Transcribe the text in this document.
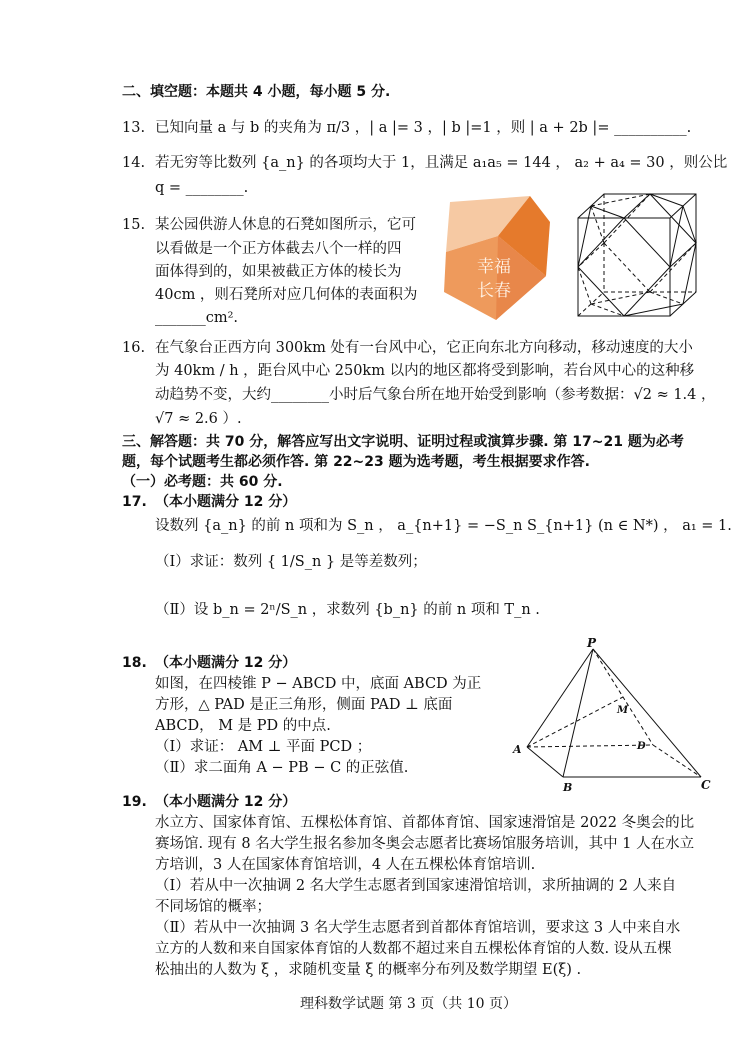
二、填空题：本题共 4 小题，每小题 5 分.
13. 已知向量 a 与 b 的夹角为 π/3 ，| a |= 3 ，| b |=1 ，则 | a + 2b |= __________.
14. 若无穷等比数列 {a_n} 的各项均大于 1，且满足 a₁a₅ = 144 ， a₂ + a₄ = 30 ，则公比
q = ________.
15. 某公园供游人休息的石凳如图所示，它可
以看做是一个正方体截去八个一样的四
面体得到的，如果被截正方体的棱长为
40cm ，则石凳所对应几何体的表面积为
_______cm².
幸福
长春
16. 在气象台正西方向 300km 处有一台风中心，它正向东北方向移动，移动速度的大小
为 40km / h ，距台风中心 250km 以内的地区都将受到影响，若台风中心的这种移
动趋势不变，大约________小时后气象台所在地开始受到影响（参考数据：√2 ≈ 1.4 ，
√7 ≈ 2.6 ）.
三、解答题：共 70 分，解答应写出文字说明、证明过程或演算步骤. 第 17~21 题为必考
题，每个试题考生都必须作答. 第 22~23 题为选考题，考生根据要求作答.
（一）必考题：共 60 分.
17. （本小题满分 12 分）
设数列 {a_n} 的前 n 项和为 S_n ， a_{n+1} = −S_n S_{n+1} (n ∈ N*) ， a₁ = 1.
（Ⅰ）求证：数列 { 1/S_n } 是等差数列；
（Ⅱ）设 b_n = 2ⁿ/S_n ，求数列 {b_n} 的前 n 项和 T_n .
18. （本小题满分 12 分）
如图，在四棱锥 P − ABCD 中，底面 ABCD 为正
方形，△ PAD 是正三角形，侧面 PAD ⊥ 底面
ABCD， M 是 PD 的中点.
（Ⅰ）求证： AM ⊥ 平面 PCD ；
（Ⅱ）求二面角 A − PB − C 的正弦值.
P
M
A	D
B	C
19. （本小题满分 12 分）
水立方、国家体育馆、五棵松体育馆、首都体育馆、国家速滑馆是 2022 冬奥会的比
赛场馆. 现有 8 名大学生报名参加冬奥会志愿者比赛场馆服务培训，其中 1 人在水立
方培训，3 人在国家体育馆培训，4 人在五棵松体育馆培训.
（Ⅰ）若从中一次抽调 2 名大学生志愿者到国家速滑馆培训，求所抽调的 2 人来自
不同场馆的概率；
（Ⅱ）若从中一次抽调 3 名大学生志愿者到首都体育馆培训，要求这 3 人中来自水
立方的人数和来自国家体育馆的人数都不超过来自五棵松体育馆的人数. 设从五棵
松抽出的人数为 ξ ，求随机变量 ξ 的概率分布列及数学期望 E(ξ) .
理科数学试题 第 3 页（共 10 页）
